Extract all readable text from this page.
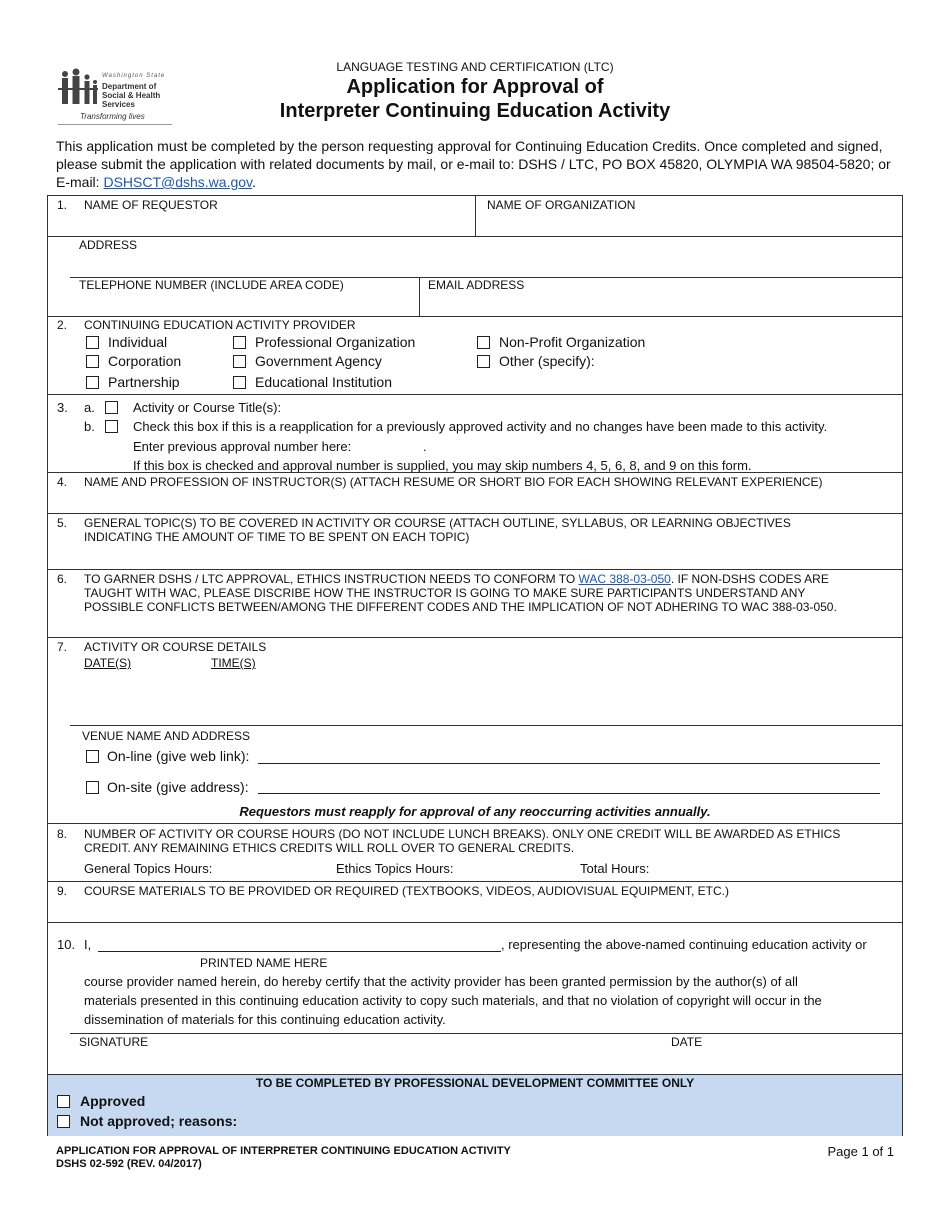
Washington State
Department of Social & Health Services
Transforming lives
LANGUAGE TESTING AND CERTIFICATION (LTC)
Application for Approval of
Interpreter Continuing Education Activity
This application must be completed by the person requesting approval for Continuing Education Credits. Once completed and signed, please submit the application with related documents by mail, or e-mail to: DSHS / LTC, PO BOX 45820, OLYMPIA WA 98504-5820; or E-mail: DSHSCT@dshs.wa.gov.
1. NAME OF REQUESTOR	NAME OF ORGANIZATION
ADDRESS
TELEPHONE NUMBER (INCLUDE AREA CODE)	EMAIL ADDRESS
2. CONTINUING EDUCATION ACTIVITY PROVIDER
Individual
Corporation
Partnership
Professional Organization
Government Agency
Educational Institution
Non-Profit Organization
Other (specify):
3. a.	Activity or Course Title(s):
b.	Check this box if this is a reapplication for a previously approved activity and no changes have been made to this activity.
Enter previous approval number here:	.
If this box is checked and approval number is supplied, you may skip numbers 4, 5, 6, 8, and 9 on this form.
4. NAME AND PROFESSION OF INSTRUCTOR(S) (ATTACH RESUME OR SHORT BIO FOR EACH SHOWING RELEVANT EXPERIENCE)
5. GENERAL TOPIC(S) TO BE COVERED IN ACTIVITY OR COURSE (ATTACH OUTLINE, SYLLABUS, OR LEARNING OBJECTIVES
INDICATING THE AMOUNT OF TIME TO BE SPENT ON EACH TOPIC)
6. TO GARNER DSHS / LTC APPROVAL, ETHICS INSTRUCTION NEEDS TO CONFORM TO WAC 388-03-050. IF NON-DSHS CODES ARE
TAUGHT WITH WAC, PLEASE DISCRIBE HOW THE INSTRUCTOR IS GOING TO MAKE SURE PARTICIPANTS UNDERSTAND ANY
POSSIBLE CONFLICTS BETWEEN/AMONG THE DIFFERENT CODES AND THE IMPLICATION OF NOT ADHERING TO WAC 388-03-050.
7. ACTIVITY OR COURSE DETAILS
DATE(S)	TIME(S)
VENUE NAME AND ADDRESS
On-line (give web link):
On-site (give address):
Requestors must reapply for approval of any reoccurring activities annually.
8. NUMBER OF ACTIVITY OR COURSE HOURS (DO NOT INCLUDE LUNCH BREAKS). ONLY ONE CREDIT WILL BE AWARDED AS ETHICS
CREDIT. ANY REMAINING ETHICS CREDITS WILL ROLL OVER TO GENERAL CREDITS.
General Topics Hours:	Ethics Topics Hours:	Total Hours:
9. COURSE MATERIALS TO BE PROVIDED OR REQUIRED (TEXTBOOKS, VIDEOS, AUDIOVISUAL EQUIPMENT, ETC.)
10. I,	, representing the above-named continuing education activity or
PRINTED NAME HERE
course provider named herein, do hereby certify that the activity provider has been granted permission by the author(s) of all
materials presented in this continuing education activity to copy such materials, and that no violation of copyright will occur in the
dissemination of materials for this continuing education activity.
SIGNATURE	DATE
TO BE COMPLETED BY PROFESSIONAL DEVELOPMENT COMMITTEE ONLY
Approved
Not approved; reasons:
APPLICATION FOR APPROVAL OF INTERPRETER CONTINUING EDUCATION ACTIVITY
DSHS 02-592 (REV. 04/2017)
Page 1 of 1
